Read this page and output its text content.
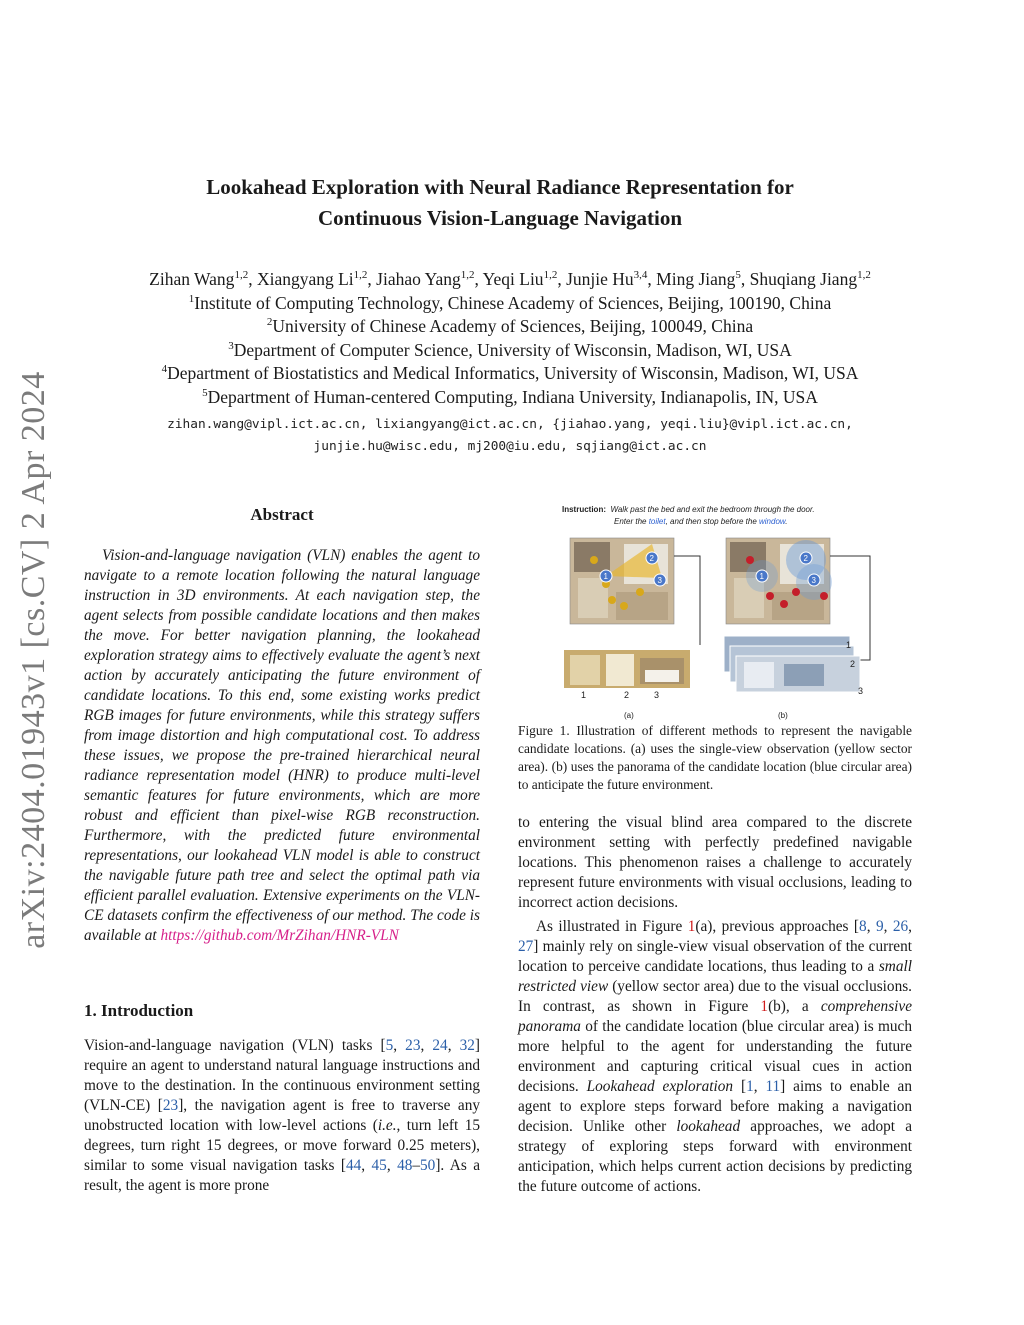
arXiv:2404.01943v1 [cs.CV] 2 Apr 2024
Lookahead Exploration with Neural Radiance Representation for
Continuous Vision-Language Navigation
Zihan Wang$^{1,2}$, Xiangyang Li$^{1,2}$, Jiahao Yang$^{1,2}$, Yeqi Liu$^{1,2}$, Junjie Hu$^{3,4}$, Ming Jiang$^5$, Shuqiang Jiang$^{1,2}$
$^1$Institute of Computing Technology, Chinese Academy of Sciences, Beijing, 100190, China
$^2$University of Chinese Academy of Sciences, Beijing, 100049, China
$^3$Department of Computer Science, University of Wisconsin, Madison, WI, USA
$^4$Department of Biostatistics and Medical Informatics, University of Wisconsin, Madison, WI, USA
$^5$Department of Human-centered Computing, Indiana University, Indianapolis, IN, USA
zihan.wang@vipl.ict.ac.cn, lixiangyang@ict.ac.cn, {jiahao.yang, yeqi.liu}@vipl.ict.ac.cn,
junjie.hu@wisc.edu, mj200@iu.edu, sqjiang@ict.ac.cn
Abstract

Vision-and-language navigation (VLN) enables the agent to navigate to a remote location following the natural language instruction in 3D environments. At each navigation step, the agent selects from possible candidate locations and then makes the move. For better navigation planning, the lookahead exploration strategy aims to effectively evaluate the agent’s next action by accurately anticipating the future environment of candidate locations. To this end, some existing works predict RGB images for future environments, while this strategy suffers from image distortion and high computational cost. To address these issues, we propose the pre-trained hierarchical neural radiance representation model (HNR) to produce multi-level semantic features for future environments, which are more robust and efficient than pixel-wise RGB reconstruction. Furthermore, with the predicted future environmental representations, our lookahead VLN model is able to construct the navigable future path tree and select the optimal path via efficient parallel evaluation. Extensive experiments on the VLN-CE datasets confirm the effectiveness of our method. The code is available at https://github.com/MrZihan/HNR-VLN

1. Introduction

Vision-and-language navigation (VLN) tasks [5, 23, 24, 32] require an agent to understand natural language instructions and move to the destination. In the continuous environment setting (VLN-CE) [23], the navigation agent is free to traverse any unobstructed location with low-level actions (i.e., turn left 15 degrees, turn right 15 degrees, or move forward 0.25 meters), similar to some visual navigation tasks [44, 45, 48–50]. As a result, the agent is more prone

Instruction: Walk past the bed and exit the bedroom through the door.
Enter the toilet, and then stop before the window.
1
2
3	1
2
3
1	2	3
1
2
3
(a)	(b)
Figure 1. Illustration of different methods to represent the navigable candidate locations. (a) uses the single-view observation (yellow sector area). (b) uses the panorama of the candidate location (blue circular area) to anticipate the future environment.

to entering the visual blind area compared to the discrete environment setting with perfectly predefined navigable locations. This phenomenon raises a challenge to accurately represent future environments with visual occlusions, leading to incorrect action decisions.

As illustrated in Figure 1(a), previous approaches [8, 9, 26, 27] mainly rely on single-view visual observation of the current location to perceive candidate locations, thus leading to a small restricted view (yellow sector area) due to the visual occlusions. In contrast, as shown in Figure 1(b), a comprehensive panorama of the candidate location (blue circular area) is much more helpful to the agent for understanding the future environment and capturing critical visual cues in action decisions. Lookahead exploration [1, 11] aims to enable an agent to explore steps forward before making a navigation decision. Unlike other lookahead approaches, we adopt a strategy of exploring steps forward with environment anticipation, which helps current action decisions by predicting the future outcome of actions.
